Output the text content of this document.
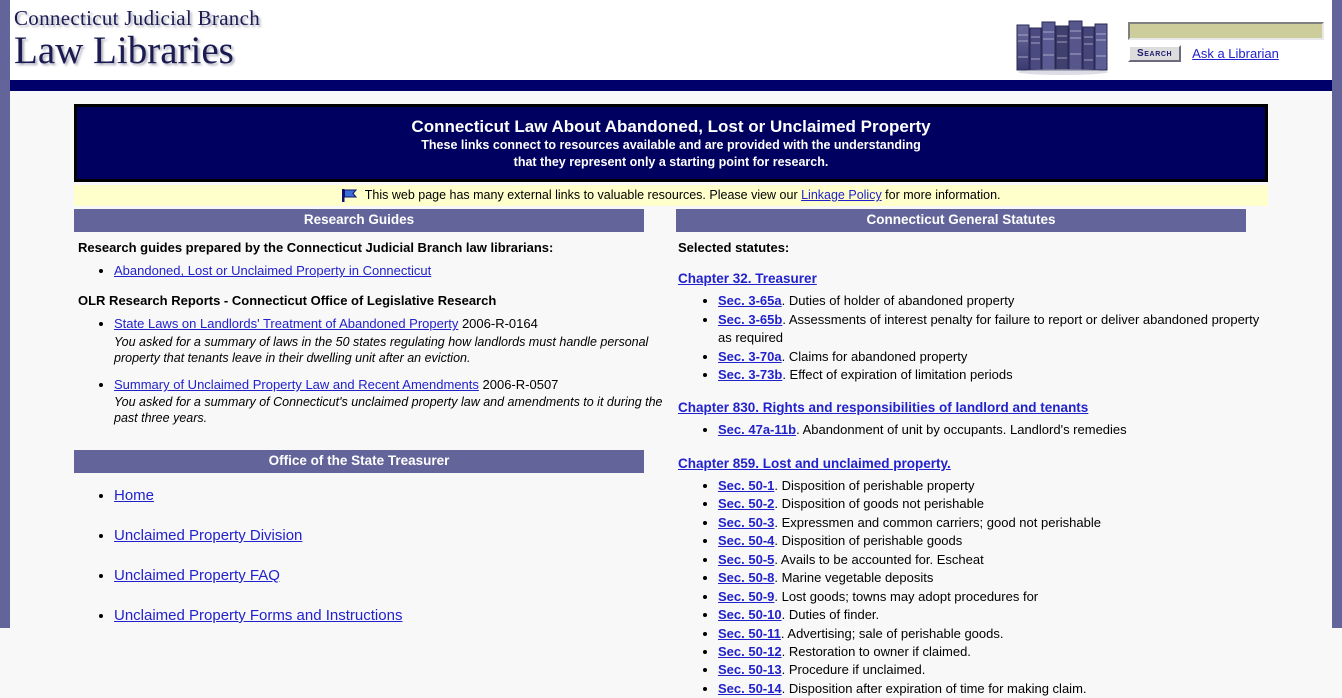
Connecticut Judicial Branch
Law Libraries	Search	Ask a Librarian
Connecticut Law About Abandoned, Lost or Unclaimed Property
These links connect to resources available and are provided with the understanding
that they represent only a starting point for research.
This web page has many external links to valuable resources. Please view our Linkage Policy for more information.
Research Guides
Research guides prepared by the Connecticut Judicial Branch law librarians:
• Abandoned, Lost or Unclaimed Property in Connecticut
OLR Research Reports - Connecticut Office of Legislative Research
• State Laws on Landlords' Treatment of Abandoned Property 2006-R-0164
You asked for a summary of laws in the 50 states regulating how landlords must handle personal property that tenants leave in their dwelling unit after an eviction.
• Summary of Unclaimed Property Law and Recent Amendments 2006-R-0507
You asked for a summary of Connecticut's unclaimed property law and amendments to it during the past three years.
Office of the State Treasurer
• Home
• Unclaimed Property Division
• Unclaimed Property FAQ
• Unclaimed Property Forms and Instructions
Connecticut General Statutes
Selected statutes:
Chapter 32. Treasurer
• Sec. 3-65a. Duties of holder of abandoned property
• Sec. 3-65b. Assessments of interest penalty for failure to report or deliver abandoned property as required
• Sec. 3-70a. Claims for abandoned property
• Sec. 3-73b. Effect of expiration of limitation periods
Chapter 830. Rights and responsibilities of landlord and tenants
• Sec. 47a-11b. Abandonment of unit by occupants. Landlord's remedies
Chapter 859. Lost and unclaimed property.
• Sec. 50-1. Disposition of perishable property
• Sec. 50-2. Disposition of goods not perishable
• Sec. 50-3. Expressmen and common carriers; good not perishable
• Sec. 50-4. Disposition of perishable goods
• Sec. 50-5. Avails to be accounted for. Escheat
• Sec. 50-8. Marine vegetable deposits
• Sec. 50-9. Lost goods; towns may adopt procedures for
• Sec. 50-10. Duties of finder.
• Sec. 50-11. Advertising; sale of perishable goods.
• Sec. 50-12. Restoration to owner if claimed.
• Sec. 50-13. Procedure if unclaimed.
• Sec. 50-14. Disposition after expiration of time for making claim.
